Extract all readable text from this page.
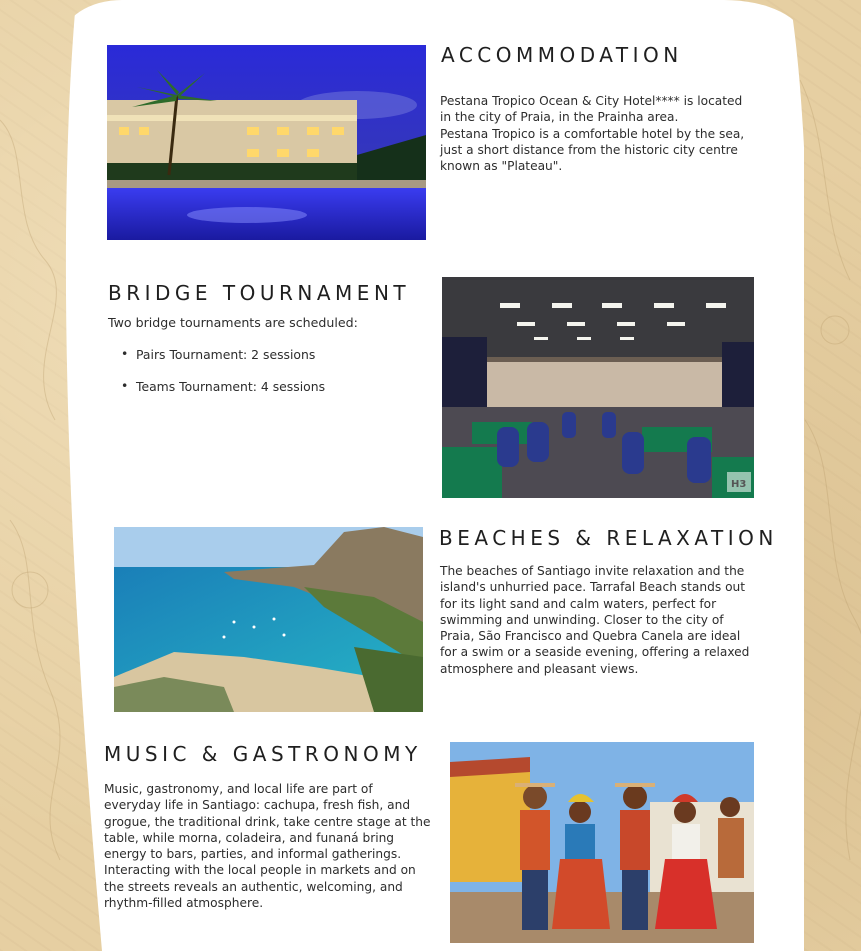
ACCOMMODATION

Pestana Tropico Ocean & City Hotel**** is located in the city of Praia, in the Prainha area.
Pestana Tropico is a comfortable hotel by the sea, just a short distance from the historic city centre known as "Plateau".

BRIDGE TOURNAMENT

Two bridge tournaments are scheduled:

• Pairs Tournament: 2 sessions
• Teams Tournament: 4 sessions
H3
BEACHES & RELAXATION

The beaches of Santiago invite relaxation and the island's unhurried pace. Tarrafal Beach stands out for its light sand and calm waters, perfect for swimming and unwinding. Closer to the city of Praia, São Francisco and Quebra Canela are ideal for a swim or a seaside evening, offering a relaxed atmosphere and pleasant views.

MUSIC & GASTRONOMY

Music, gastronomy, and local life are part of everyday life in Santiago: cachupa, fresh fish, and grogue, the traditional drink, take centre stage at the table, while morna, coladeira, and funaná bring energy to bars, parties, and informal gatherings. Interacting with the local people in markets and on the streets reveals an authentic, welcoming, and rhythm-filled atmosphere.
